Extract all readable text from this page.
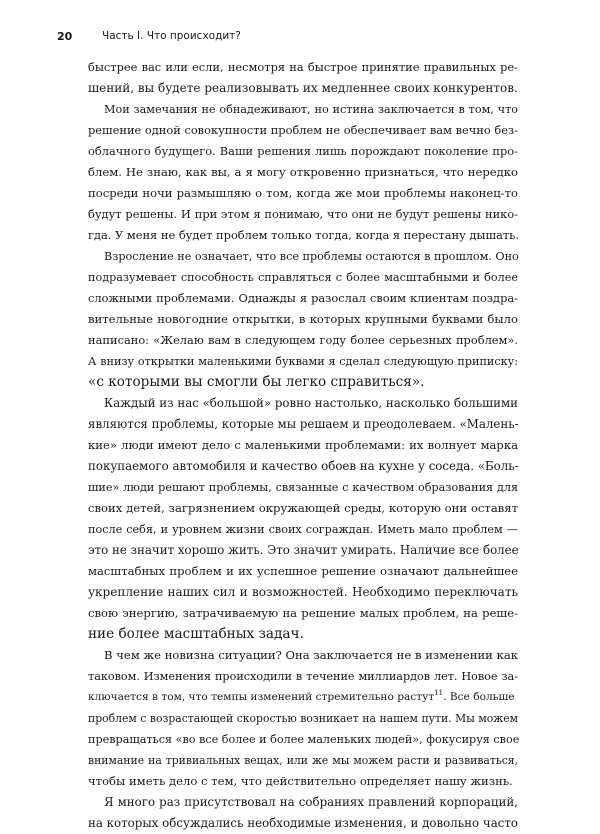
20	Часть I. Что происходит?
быстрее вас или если, несмотря на быстрое принятие правильных ре-
шений, вы будете реализовывать их медленнее своих конкурентов.
Мои замечания не обнадеживают, но истина заключается в том, что
решение одной совокупности проблем не обеспечивает вам вечно без-
облачного будущего. Ваши решения лишь порождают поколение про-
блем. Не знаю, как вы, а я могу откровенно признаться, что нередко
посреди ночи размышляю о том, когда же мои проблемы наконец-то
будут решены. И при этом я понимаю, что они не будут решены нико-
гда. У меня не будет проблем только тогда, когда я перестану дышать.
Взросление не означает, что все проблемы остаются в прошлом. Оно
подразумевает способность справляться с более масштабными и более
сложными проблемами. Однажды я разослал своим клиентам поздра-
вительные новогодние открытки, в которых крупными буквами было
написано: «Желаю вам в следующем году более серьезных проблем».
А внизу открытки маленькими буквами я сделал следующую приписку:
«с которыми вы смогли бы легко справиться».
Каждый из нас «большой» ровно настолько, насколько большими
являются проблемы, которые мы решаем и преодолеваем. «Малень-
кие» люди имеют дело с маленькими проблемами: их волнует марка
покупаемого автомобиля и качество обоев на кухне у соседа. «Боль-
шие» люди решают проблемы, связанные с качеством образования для
своих детей, загрязнением окружающей среды, которую они оставят
после себя, и уровнем жизни своих сограждан. Иметь мало проблем —
это не значит хорошо жить. Это значит умирать. Наличие все более
масштабных проблем и их успешное решение означают дальнейшее
укрепление наших сил и возможностей. Необходимо переключать
свою энергию, затрачиваемую на решение малых проблем, на реше-
ние более масштабных задач.
В чем же новизна ситуации? Она заключается не в изменении как
таковом. Изменения происходили в течение миллиардов лет. Новое за-
ключается в том, что темпы изменений стремительно растут$^{11}$. Все больше
проблем с возрастающей скоростью возникает на нашем пути. Мы можем
превращаться «во все более и более маленьких людей», фокусируя свое
внимание на тривиальных вещах, или же мы можем расти и развиваться,
чтобы иметь дело с тем, что действительно определяет нашу жизнь.
Я много раз присутствовал на собраниях правлений корпораций,
на которых обсуждались необходимые изменения, и довольно часто
